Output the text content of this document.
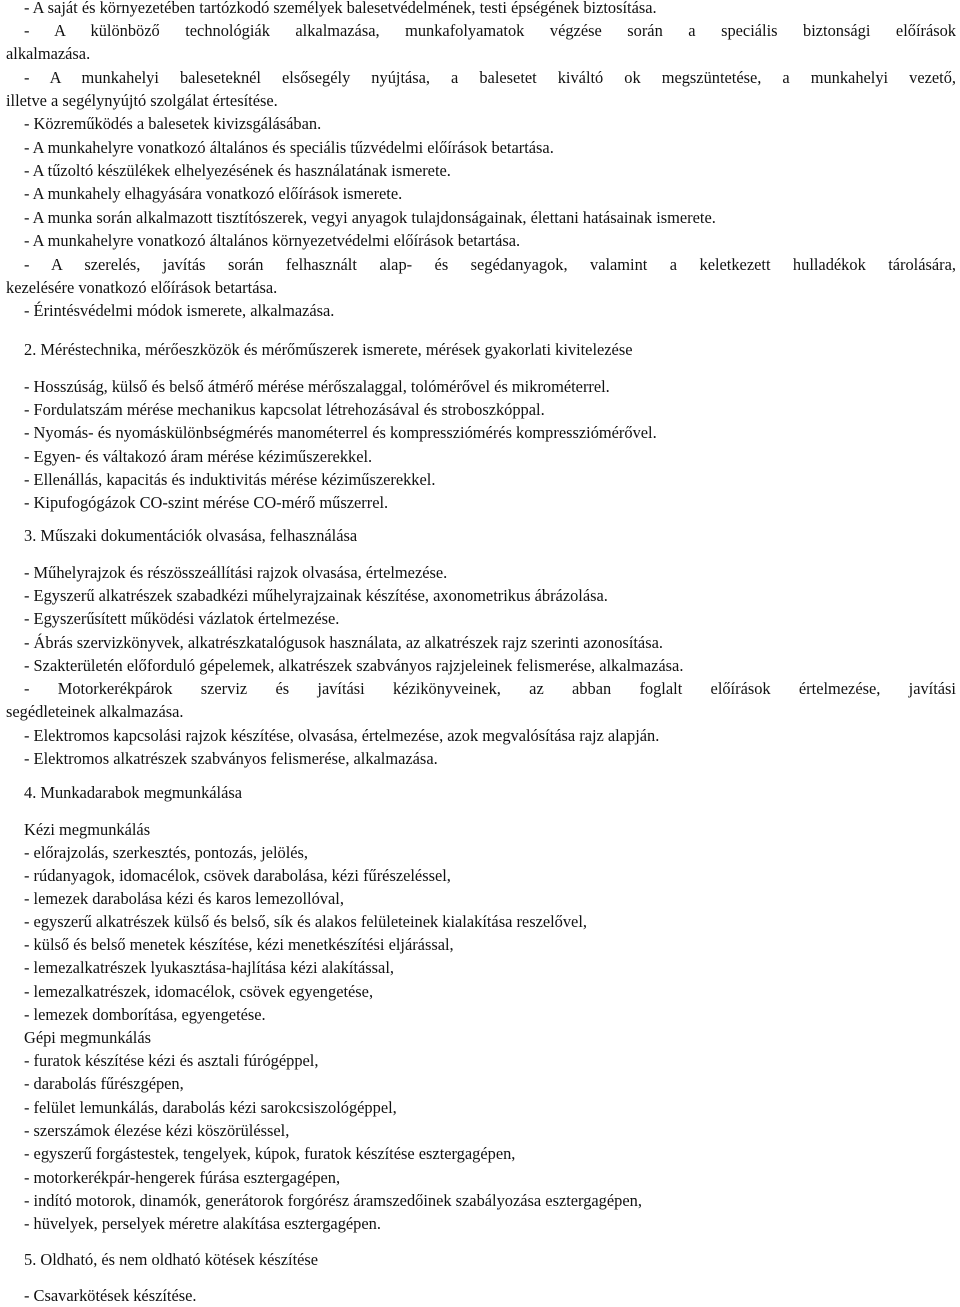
- A saját és környezetében tartózkodó személyek balesetvédelmének, testi épségének biztosítása.
- A különböző technológiák alkalmazása, munkafolyamatok végzése során a speciális biztonsági előírások
alkalmazása.
- A munkahelyi baleseteknél elsősegély nyújtása, a balesetet kiváltó ok megszüntetése, a munkahelyi vezető,
illetve a segélynyújtó szolgálat értesítése.
- Közreműködés a balesetek kivizsgálásában.
- A munkahelyre vonatkozó általános és speciális tűzvédelmi előírások betartása.
- A tűzoltó készülékek elhelyezésének és használatának ismerete.
- A munkahely elhagyására vonatkozó előírások ismerete.
- A munka során alkalmazott tisztítószerek, vegyi anyagok tulajdonságainak, élettani hatásainak ismerete.
- A munkahelyre vonatkozó általános környezetvédelmi előírások betartása.
- A szerelés, javítás során felhasznált alap- és segédanyagok, valamint a keletkezett hulladékok tárolására,
kezelésére vonatkozó előírások betartása.
- Érintésvédelmi módok ismerete, alkalmazása.
2. Méréstechnika, mérőeszközök és mérőműszerek ismerete, mérések gyakorlati kivitelezése
- Hosszúság, külső és belső átmérő mérése mérőszalaggal, tolómérővel és mikrométerrel.
- Fordulatszám mérése mechanikus kapcsolat létrehozásával és stroboszkóppal.
- Nyomás- és nyomáskülönbségmérés manométerrel és kompressziómérés kompressziómérővel.
- Egyen- és váltakozó áram mérése kéziműszerekkel.
- Ellenállás, kapacitás és induktivitás mérése kéziműszerekkel.
- Kipufogógázok CO-szint mérése CO-mérő műszerrel.
3. Műszaki dokumentációk olvasása, felhasználása
- Műhelyrajzok és részösszeállítási rajzok olvasása, értelmezése.
- Egyszerű alkatrészek szabadkézi műhelyrajzainak készítése, axonometrikus ábrázolása.
- Egyszerűsített működési vázlatok értelmezése.
- Ábrás szervizkönyvek, alkatrészkatalógusok használata, az alkatrészek rajz szerinti azonosítása.
- Szakterületén előforduló gépelemek, alkatrészek szabványos rajzjeleinek felismerése, alkalmazása.
- Motorkerékpárok szerviz és javítási kézikönyveinek, az abban foglalt előírások értelmezése, javítási
segédleteinek alkalmazása.
- Elektromos kapcsolási rajzok készítése, olvasása, értelmezése, azok megvalósítása rajz alapján.
- Elektromos alkatrészek szabványos felismerése, alkalmazása.
4. Munkadarabok megmunkálása
Kézi megmunkálás
- előrajzolás, szerkesztés, pontozás, jelölés,
- rúdanyagok, idomacélok, csövek darabolása, kézi fűrészeléssel,
- lemezek darabolása kézi és karos lemezollóval,
- egyszerű alkatrészek külső és belső, sík és alakos felületeinek kialakítása reszelővel,
- külső és belső menetek készítése, kézi menetkészítési eljárással,
- lemezalkatrészek lyukasztása-hajlítása kézi alakítással,
- lemezalkatrészek, idomacélok, csövek egyengetése,
- lemezek domborítása, egyengetése.
Gépi megmunkálás
- furatok készítése kézi és asztali fúrógéppel,
- darabolás fűrészgépen,
- felület lemunkálás, darabolás kézi sarokcsiszológéppel,
- szerszámok élezése kézi köszörüléssel,
- egyszerű forgástestek, tengelyek, kúpok, furatok készítése esztergagépen,
- motorkerékpár-hengerek fúrása esztergagépen,
- indító motorok, dinamók, generátorok forgórész áramszedőinek szabályozása esztergagépen,
- hüvelyek, perselyek méretre alakítása esztergagépen.
5. Oldható, és nem oldható kötések készítése
- Csavarkötések készítése.
